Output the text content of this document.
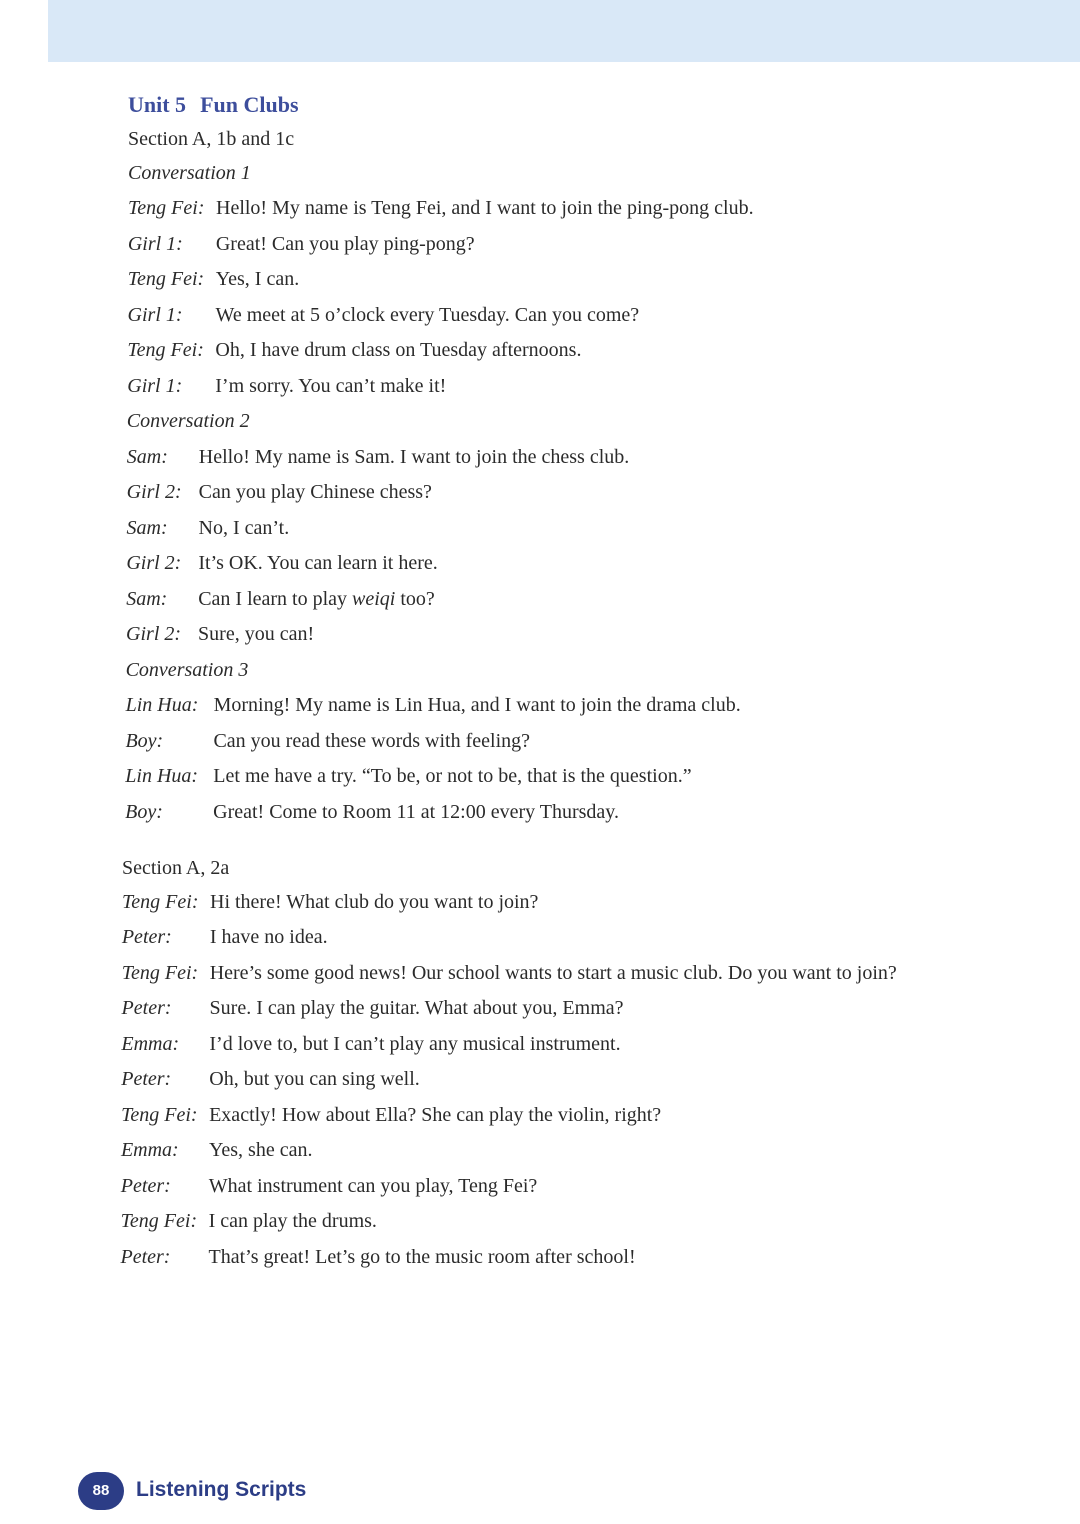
Unit 5 Fun Clubs
Section A, 1b and 1c
Conversation 1
Teng Fei: Hello! My name is Teng Fei, and I want to join the ping-pong club.
Girl 1: Great! Can you play ping-pong?
Teng Fei: Yes, I can.
Girl 1: We meet at 5 o’clock every Tuesday. Can you come?
Teng Fei: Oh, I have drum class on Tuesday afternoons.
Girl 1: I’m sorry. You can’t make it!
Conversation 2
Sam: Hello! My name is Sam. I want to join the chess club.
Girl 2: Can you play Chinese chess?
Sam: No, I can’t.
Girl 2: It’s OK. You can learn it here.
Sam: Can I learn to play weiqi too?
Girl 2: Sure, you can!
Conversation 3
Lin Hua: Morning! My name is Lin Hua, and I want to join the drama club.
Boy:	Can you read these words with feeling?
Lin Hua: Let me have a try. “To be, or not to be, that is the question.”
Boy:	Great! Come to Room 11 at 12:00 every Thursday.
Section A, 2a
Teng Fei: Hi there! What club do you want to join?
Peter: I have no idea.
Teng Fei: Here’s some good news! Our school wants to start a music club. Do you want to join?
Peter: Sure. I can play the guitar. What about you, Emma?
Emma: I’d love to, but I can’t play any musical instrument.
Peter: Oh, but you can sing well.
Teng Fei: Exactly! How about Ella? She can play the violin, right?
Emma: Yes, she can.
Peter: What instrument can you play, Teng Fei?
Teng Fei: I can play the drums.
Peter: That’s great! Let’s go to the music room after school!
88	Listening Scripts
